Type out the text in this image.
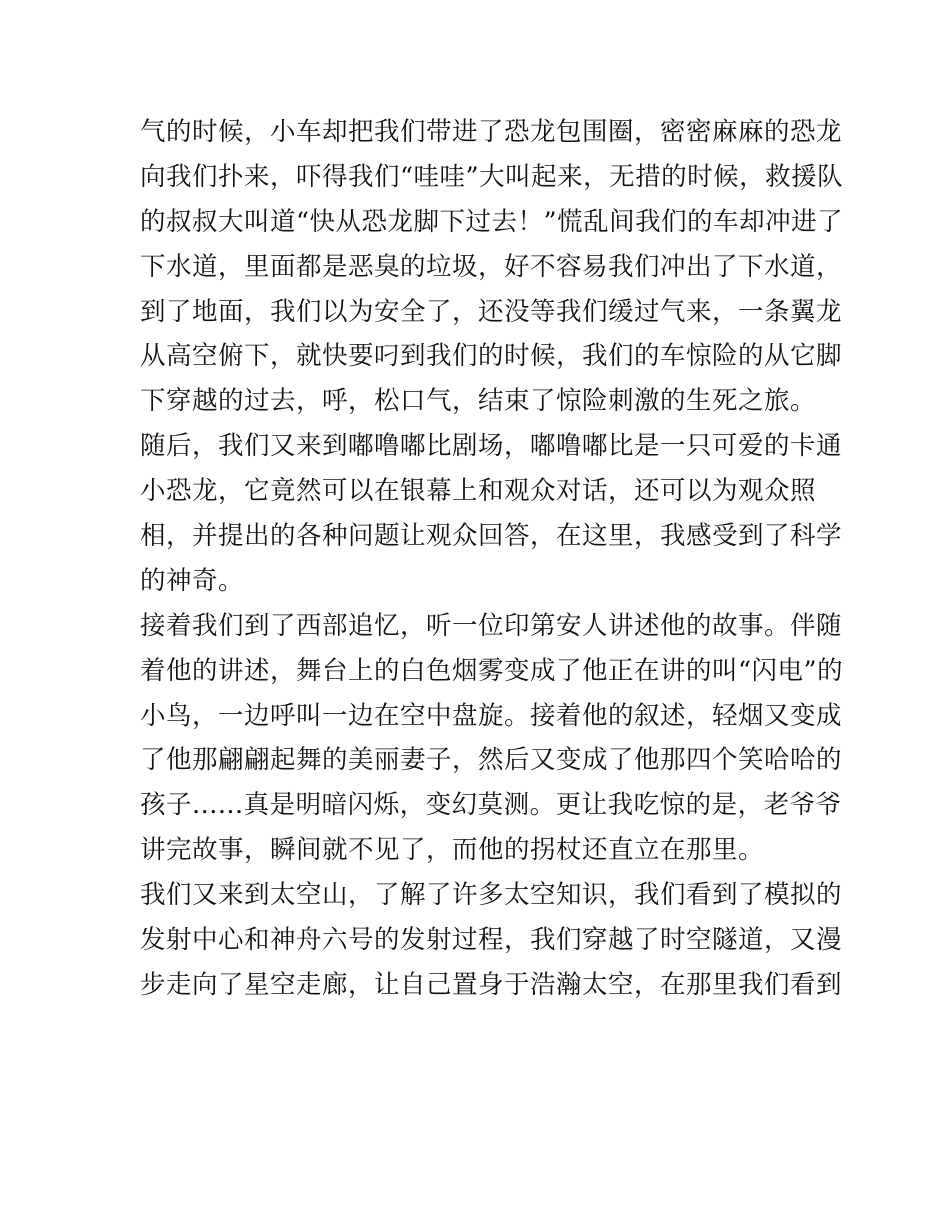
气的时候，小车却把我们带进了恐龙包围圈，密密麻麻的恐龙
向我们扑来，吓得我们“哇哇”大叫起来，无措的时候，救援队
的叔叔大叫道“快从恐龙脚下过去！”慌乱间我们的车却冲进了
下水道，里面都是恶臭的垃圾，好不容易我们冲出了下水道，
到了地面，我们以为安全了，还没等我们缓过气来，一条翼龙
从高空俯下，就快要叼到我们的时候，我们的车惊险的从它脚
下穿越的过去，呼，松口气，结束了惊险刺激的生死之旅。
随后，我们又来到嘟噜嘟比剧场，嘟噜嘟比是一只可爱的卡通
小恐龙，它竟然可以在银幕上和观众对话，还可以为观众照
相，并提出的各种问题让观众回答，在这里，我感受到了科学
的神奇。
接着我们到了西部追忆，听一位印第安人讲述他的故事。伴随
着他的讲述，舞台上的白色烟雾变成了他正在讲的叫“闪电”的
小鸟，一边呼叫一边在空中盘旋。接着他的叙述，轻烟又变成
了他那翩翩起舞的美丽妻子，然后又变成了他那四个笑哈哈的
孩子......真是明暗闪烁，变幻莫测。更让我吃惊的是，老爷爷
讲完故事，瞬间就不见了，而他的拐杖还直立在那里。
我们又来到太空山，了解了许多太空知识，我们看到了模拟的
发射中心和神舟六号的发射过程，我们穿越了时空隧道，又漫
步走向了星空走廊，让自己置身于浩瀚太空，在那里我们看到
